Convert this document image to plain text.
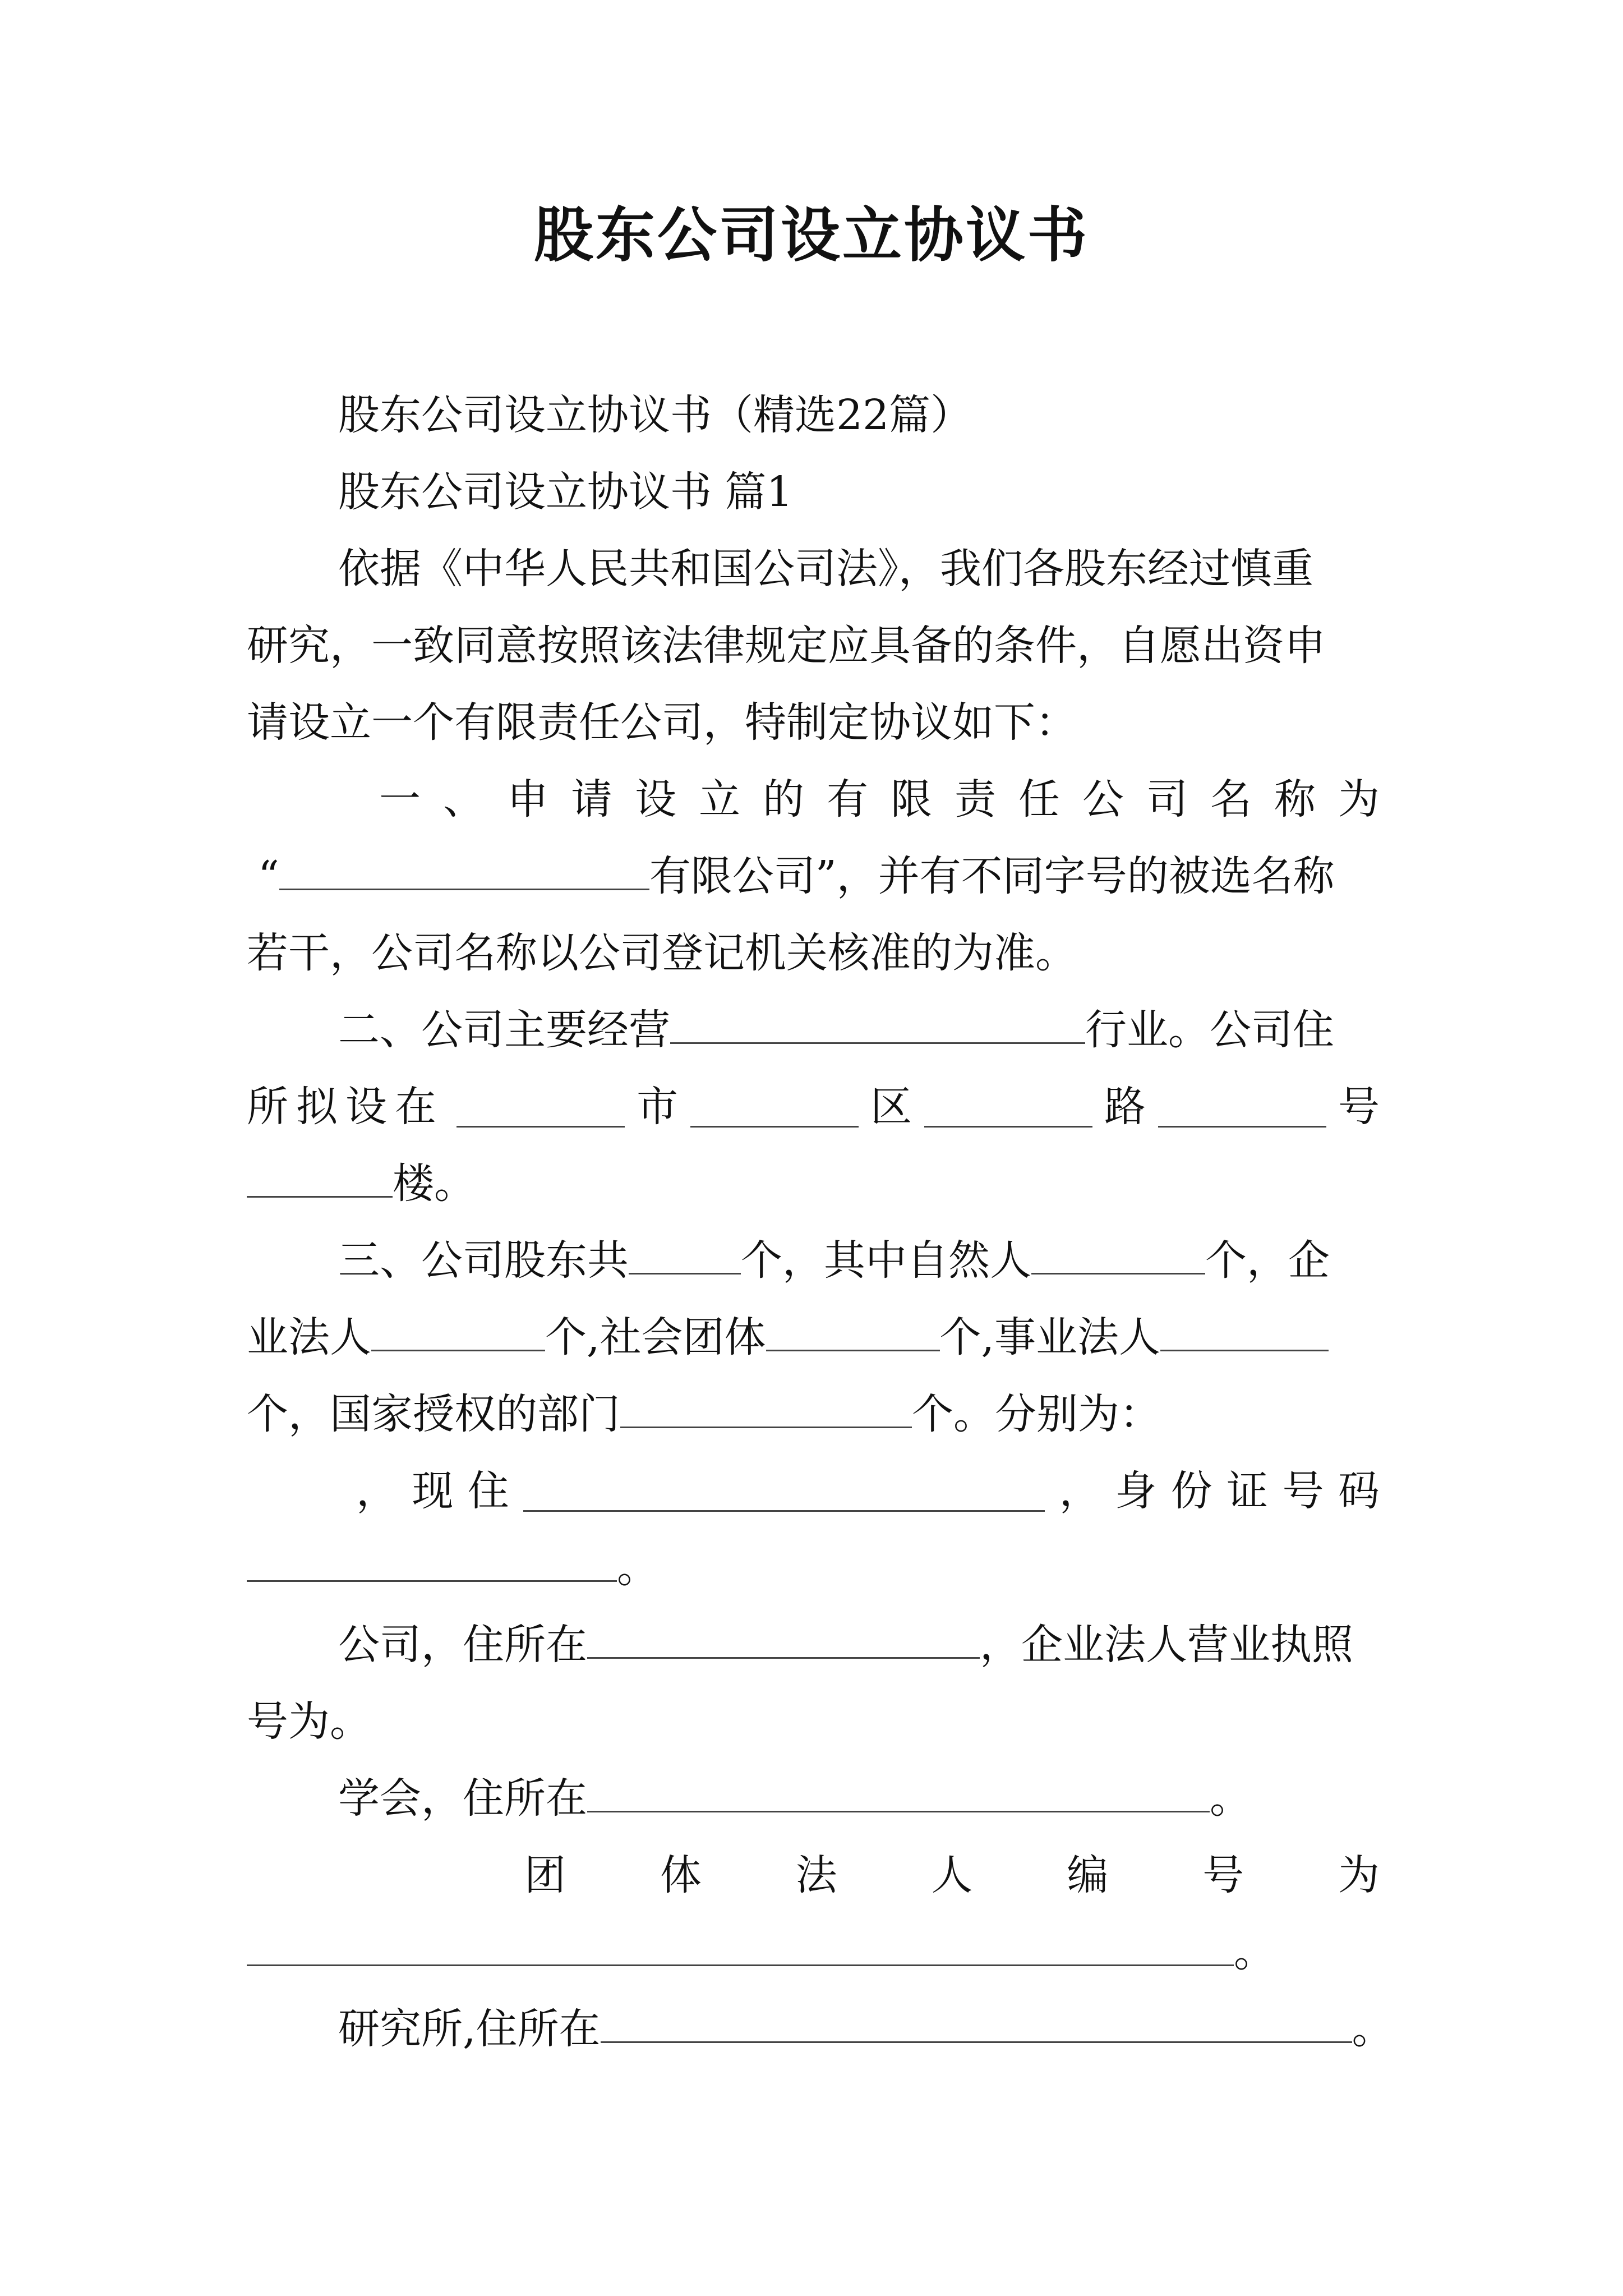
股东公司设立协议书
股东公司设立协议书（精选22篇）
股东公司设立协议书 篇1
依据《中华人民共和国公司法》，我们各股东经过慎重
研究，一致同意按照该法律规定应具备的条件，自愿出资申
请设立一个有限责任公司，特制定协议如下：
一 、 申 请 设 立 的 有 限 责 任 公 司 名 称 为
“	有限公司”，并有不同字号的被选名称
若干，公司名称以公司登记机关核准的为准。
二、公司主要经营	行业。公司住
所拟设在	市	区	路	号
楼。
三、公司股东共	个，其中自然人	个，企
业法人	个,社会团体	个,事业法人
个，国家授权的部门	个。分别为：
， 现 住	， 身 份 证 号 码
。
公司，住所在	，企业法人营业执照
号为。
学会，住所在	。
团 体 法 人 编 号 为
。
研究所,住所在	。
